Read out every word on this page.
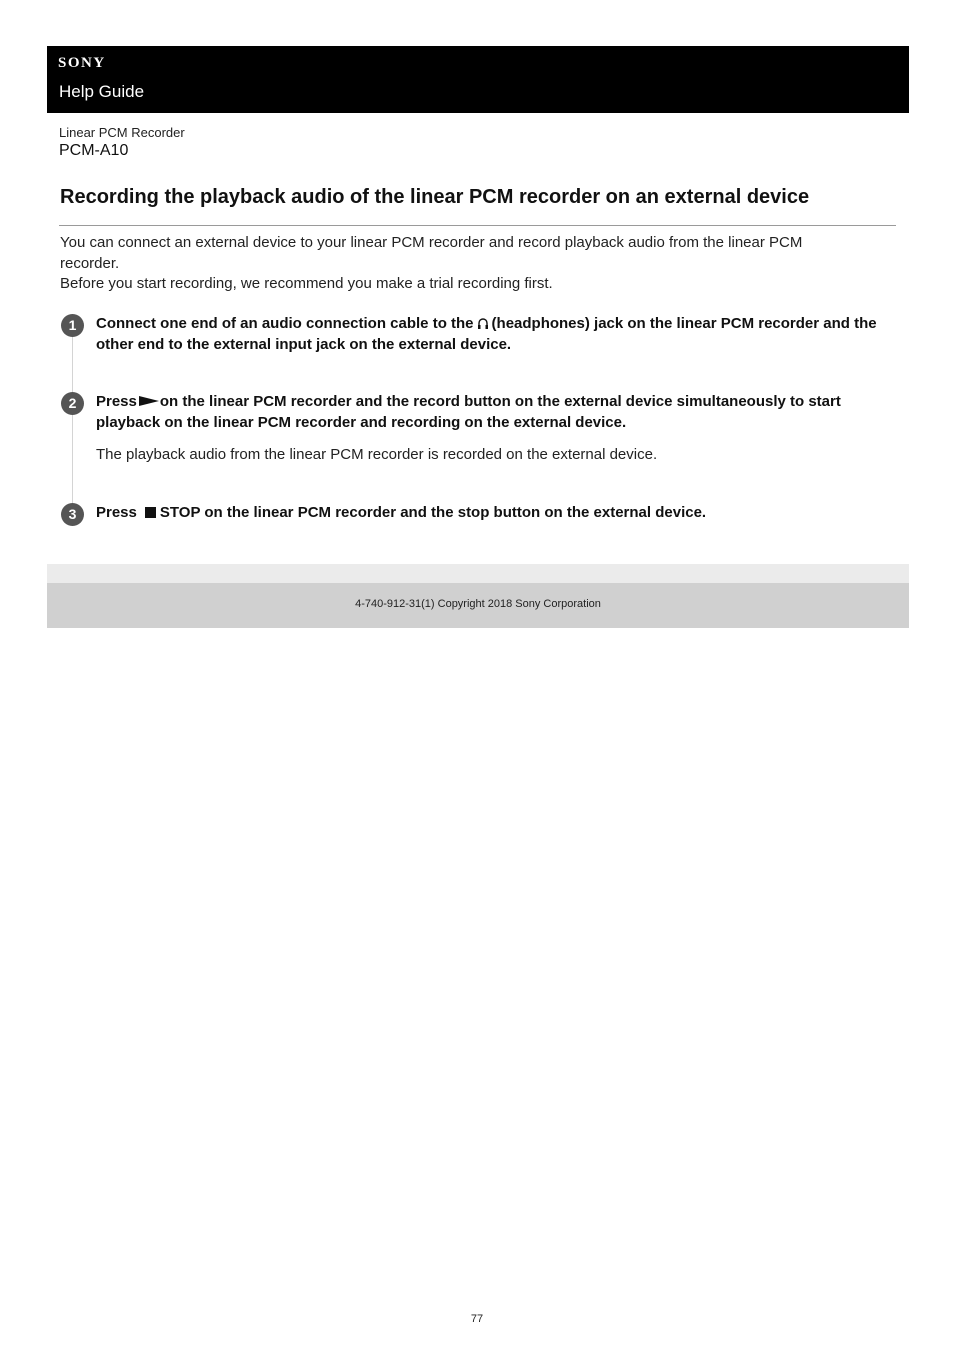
SONY
Help Guide
Linear PCM Recorder
PCM-A10
Recording the playback audio of the linear PCM recorder on an external device

You can connect an external device to your linear PCM recorder and record playback audio from the linear PCM recorder.

Before you start recording, we recommend you make a trial recording first.

1	Connect one end of an audio connection cable to the (headphones) jack on the linear PCM recorder and the other end to the external input jack on the external device.
2	Press on the linear PCM recorder and the record button on the external device simultaneously to start playback on the linear PCM recorder and recording on the external device.
The playback audio from the linear PCM recorder is recorded on the external device.
3	Press STOP on the linear PCM recorder and the stop button on the external device.
4-740-912-31(1) Copyright 2018 Sony Corporation
77
